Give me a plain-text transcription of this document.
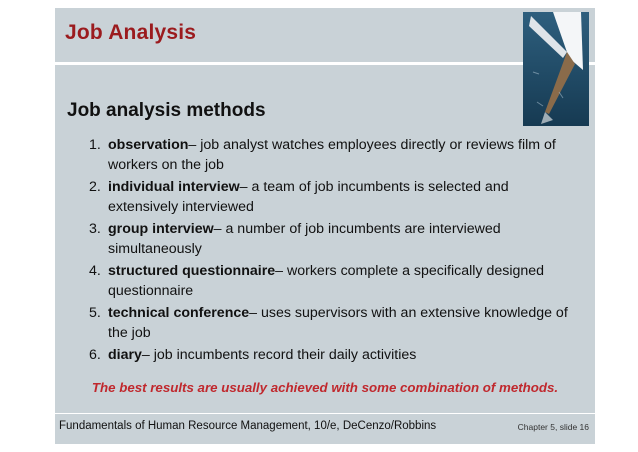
Job Analysis
Job analysis methods
1. observation– job analyst watches employees directly or reviews film of workers on the job
2. individual interview– a team of job incumbents is selected and extensively interviewed
3. group interview– a number of job incumbents are interviewed simultaneously
4. structured questionnaire– workers complete a specifically designed questionnaire
5. technical conference– uses supervisors with an extensive knowledge of the job
6. diary– job incumbents record their daily activities
The best results are usually achieved with some combination of methods.
Fundamentals of Human Resource Management, 10/e, DeCenzo/Robbins	Chapter 5, slide 16
